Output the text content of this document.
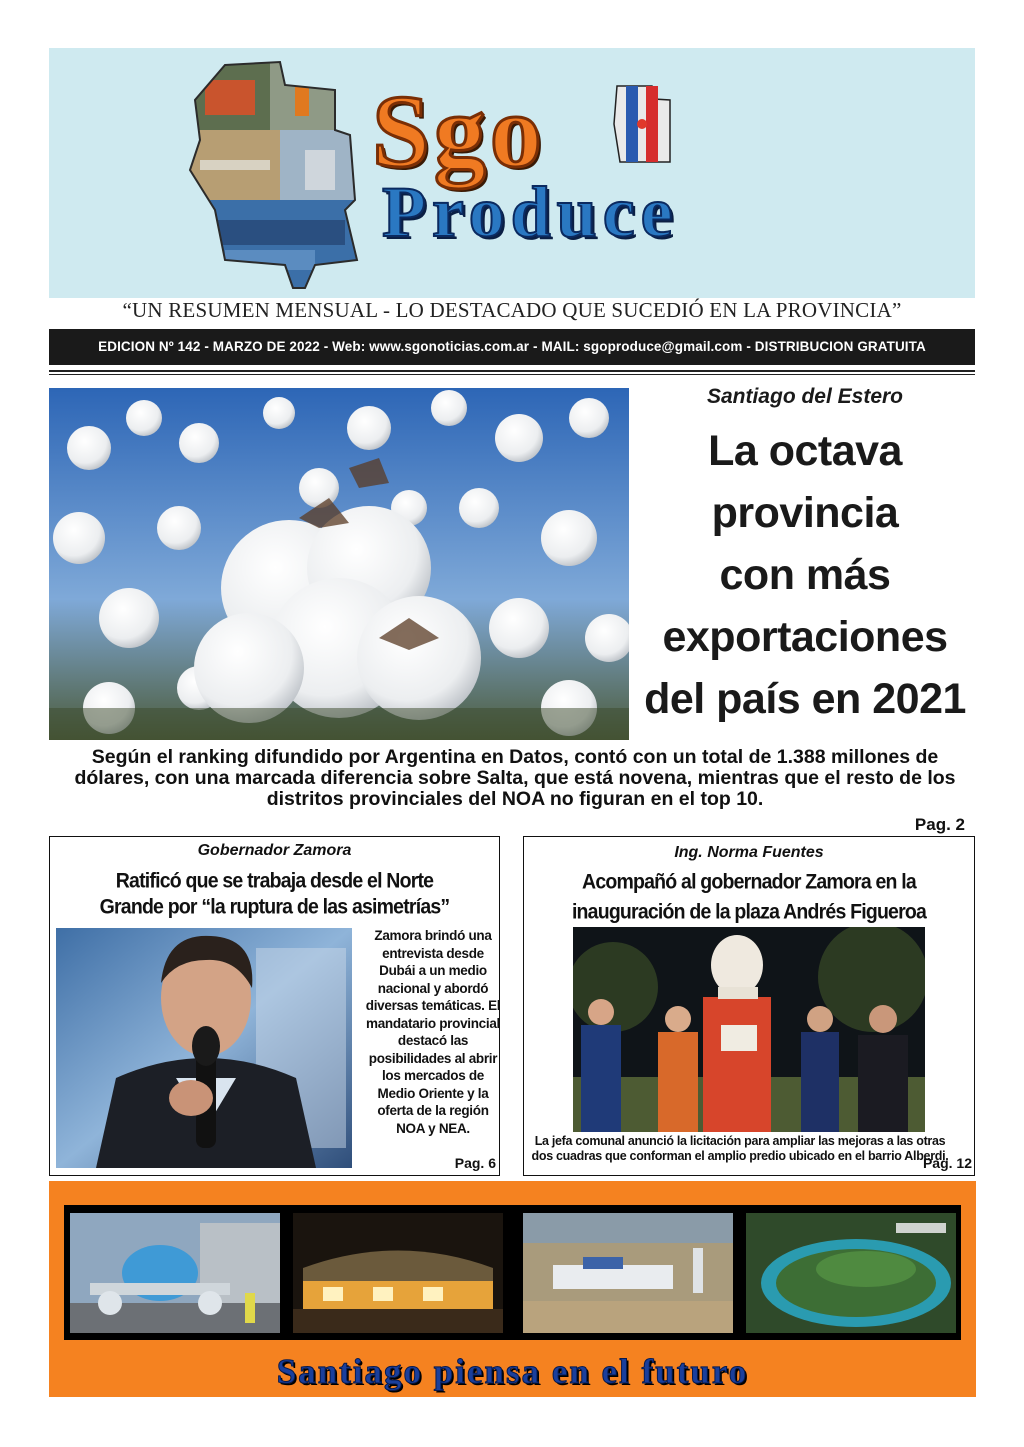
Sgo
Produce
“UN RESUMEN MENSUAL - LO DESTACADO QUE SUCEDIÓ EN LA PROVINCIA”
EDICION Nº 142 - MARZO DE 2022 - Web: www.sgonoticias.com.ar - MAIL: sgoproduce@gmail.com - DISTRIBUCION GRATUITA
Santiago del Estero
La octava
provincia
con más
exportaciones
del país en 2021
Según el ranking difundido por Argentina en Datos, contó con un total de 1.388 millones de dólares, con una marcada diferencia sobre Salta, que está novena, mientras que el resto de los distritos provinciales del NOA no figuran en el top 10.
Pag. 2
Gobernador Zamora
Ratificó que se trabaja desde el Norte
Grande por “la ruptura de las asimetrías”
Zamora brindó una entrevista desde Dubái a un medio nacional y abordó diversas temáticas. El mandatario provincial destacó las posibilidades al abrir los mercados de Medio Oriente y la oferta de la región NOA y NEA.
Pag. 6
Ing. Norma Fuentes
Acompañó al gobernador Zamora en la
inauguración de la plaza Andrés Figueroa
La jefa comunal anunció la licitación para ampliar las mejoras a las otras dos cuadras que conforman el amplio predio ubicado en el barrio Alberdi.
Pag. 12
Santiago piensa en el futuro
